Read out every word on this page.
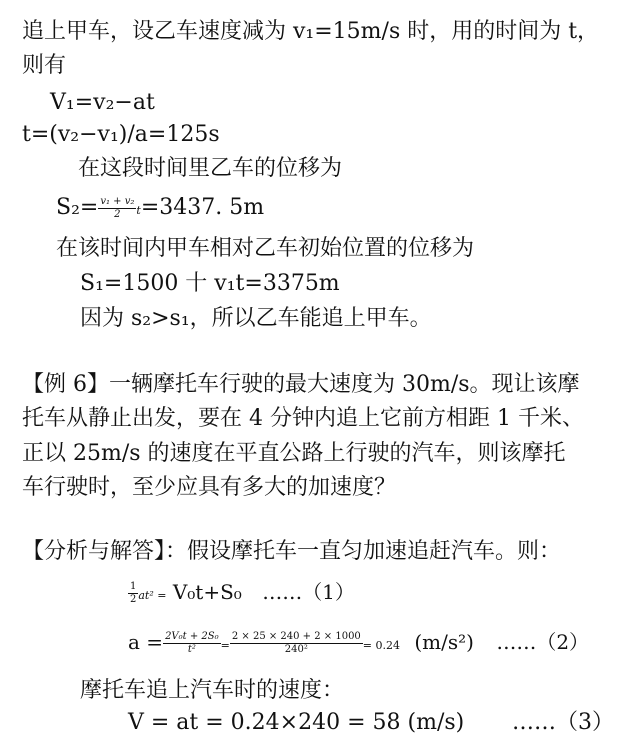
追上甲车，设乙车速度减为 v₁=15m/s 时，用的时间为 t，
则有
V₁=v₂−at
t=(v₂−v₁)/a=125s
在这段时间里乙车的位移为
$S_2= \frac{\text{v₁ + v₂}}{2} t=3437$. 5m
在该时间内甲车相对乙车初始位置的位移为
S₁=1500 十 v₁t=3375m
因为 s₂>s₁，所以乙车能追上甲车。
【例 6】一辆摩托车行驶的最大速度为 30m/s。现让该摩
托车从静止出发，要在 4 分钟内追上它前方相距 1 千米、
正以 25m/s 的速度在平直公路上行驶的汽车，则该摩托
车行驶时，至少应具有多大的加速度？
【分析与解答】：假设摩托车一直匀加速追赶汽车。则：
$\frac{1}{2} at^2 = V_0t+S_0$ ……（1）
$a = \frac{\text{2V₀t + 2S₀}}{\text{t²}} = \frac{2 \times 25 \times 240 + 2 \times 1000}{\text{240²}} = 0.24$ (m/s²) ……（2）
摩托车追上汽车时的速度：
V = at = 0.24×240 = 58 (m/s) ……（3）
